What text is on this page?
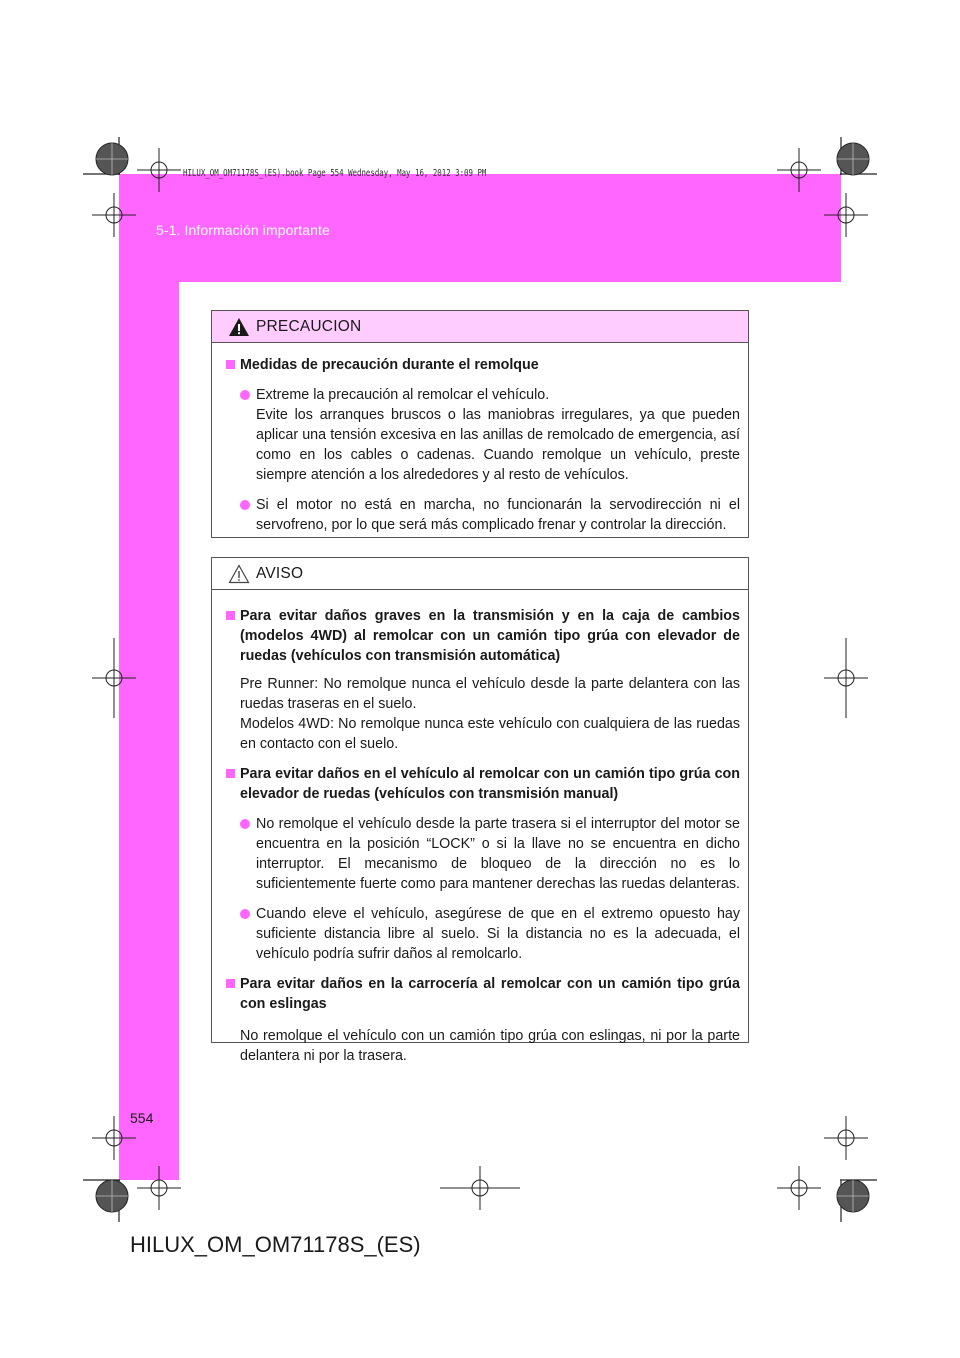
5-1. Información importante
HILUX_OM_OM71178S_(ES).book Page 554 Wednesday, May 16, 2012 3:09 PM
PRECAUCION
Medidas de precaución durante el remolque
Extreme la precaución al remolcar el vehículo.
Evite los arranques bruscos o las maniobras irregulares, ya que pueden aplicar una tensión excesiva en las anillas de remolcado de emergencia, así como en los cables o cadenas. Cuando remolque un vehículo, preste siempre atención a los alrededores y al resto de vehículos.
Si el motor no está en marcha, no funcionarán la servodirección ni el servofreno, por lo que será más complicado frenar y controlar la dirección.
AVISO
Para evitar daños graves en la transmisión y en la caja de cambios (modelos 4WD) al remolcar con un camión tipo grúa con elevador de ruedas (vehículos con transmisión automática)
Pre Runner: No remolque nunca el vehículo desde la parte delantera con las ruedas traseras en el suelo.
Modelos 4WD: No remolque nunca este vehículo con cualquiera de las ruedas en contacto con el suelo.
Para evitar daños en el vehículo al remolcar con un camión tipo grúa con elevador de ruedas (vehículos con transmisión manual)
No remolque el vehículo desde la parte trasera si el interruptor del motor se encuentra en la posición “LOCK” o si la llave no se encuentra en dicho interruptor. El mecanismo de bloqueo de la dirección no es lo suficientemente fuerte como para mantener derechas las ruedas delanteras.
Cuando eleve el vehículo, asegúrese de que en el extremo opuesto hay suficiente distancia libre al suelo. Si la distancia no es la adecuada, el vehículo podría sufrir daños al remolcarlo.
Para evitar daños en la carrocería al remolcar con un camión tipo grúa con eslingas
No remolque el vehículo con un camión tipo grúa con eslingas, ni por la parte delantera ni por la trasera.
554
HILUX_OM_OM71178S_(ES)
